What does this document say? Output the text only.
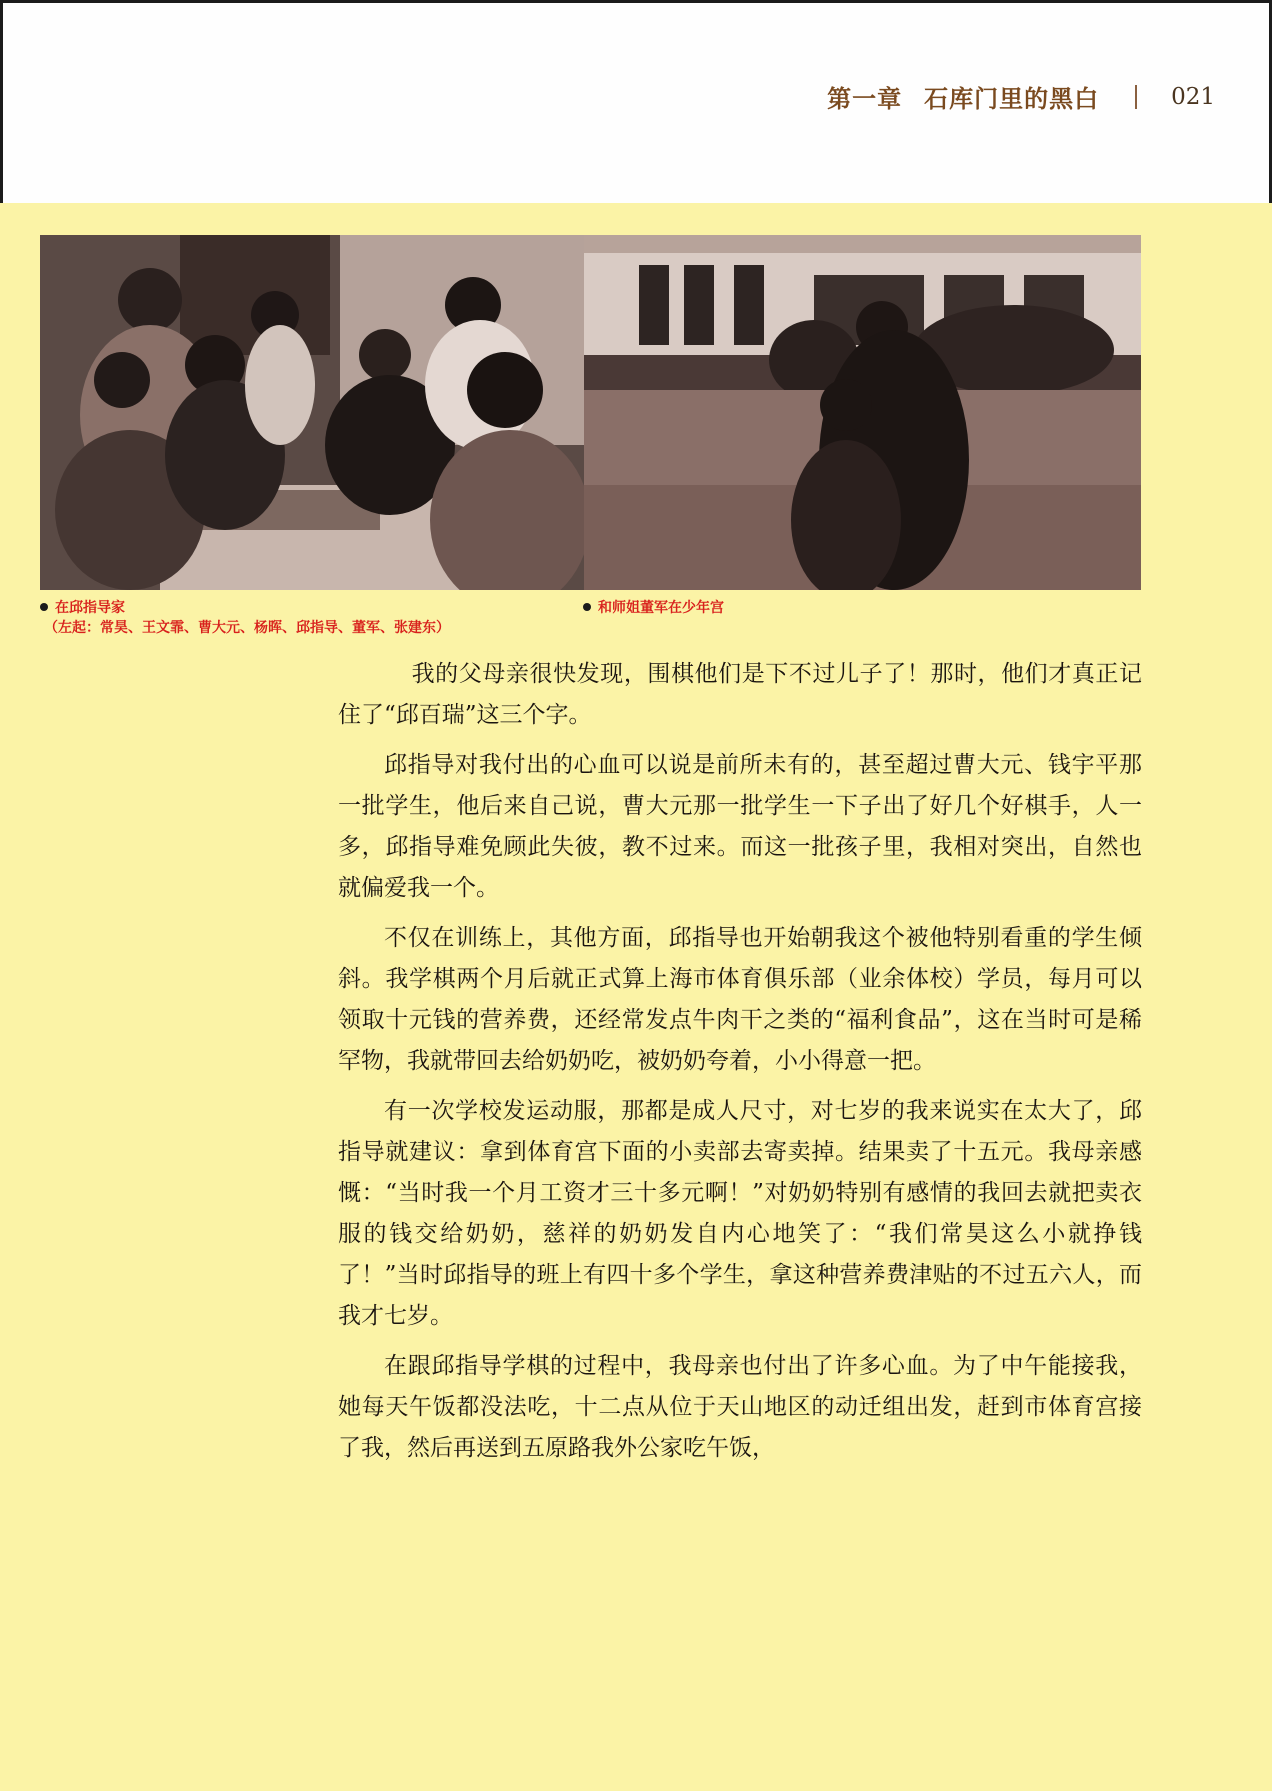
第一章 石库门里的黑白	021
在邱指导家
（左起：常昊、王文霏、曹大元、杨晖、邱指导、董军、张建东）
和师姐董军在少年宫

我的父母亲很快发现，围棋他们是下不过儿子了！那时，他们才真正记住了“邱百瑞”这三个字。

邱指导对我付出的心血可以说是前所未有的，甚至超过曹大元、钱宇平那一批学生，他后来自己说，曹大元那一批学生一下子出了好几个好棋手，人一多，邱指导难免顾此失彼，教不过来。而这一批孩子里，我相对突出，自然也就偏爱我一个。

不仅在训练上，其他方面，邱指导也开始朝我这个被他特别看重的学生倾斜。我学棋两个月后就正式算上海市体育俱乐部（业余体校）学员，每月可以领取十元钱的营养费，还经常发点牛肉干之类的“福利食品”，这在当时可是稀罕物，我就带回去给奶奶吃，被奶奶夸着，小小得意一把。

有一次学校发运动服，那都是成人尺寸，对七岁的我来说实在太大了，邱指导就建议：拿到体育宫下面的小卖部去寄卖掉。结果卖了十五元。我母亲感慨：“当时我一个月工资才三十多元啊！”对奶奶特别有感情的我回去就把卖衣服的钱交给奶奶，慈祥的奶奶发自内心地笑了：“我们常昊这么小就挣钱了！”当时邱指导的班上有四十多个学生，拿这种营养费津贴的不过五六人，而我才七岁。

在跟邱指导学棋的过程中，我母亲也付出了许多心血。为了中午能接我，她每天午饭都没法吃，十二点从位于天山地区的动迁组出发，赶到市体育宫接了我，然后再送到五原路我外公家吃午饭，
